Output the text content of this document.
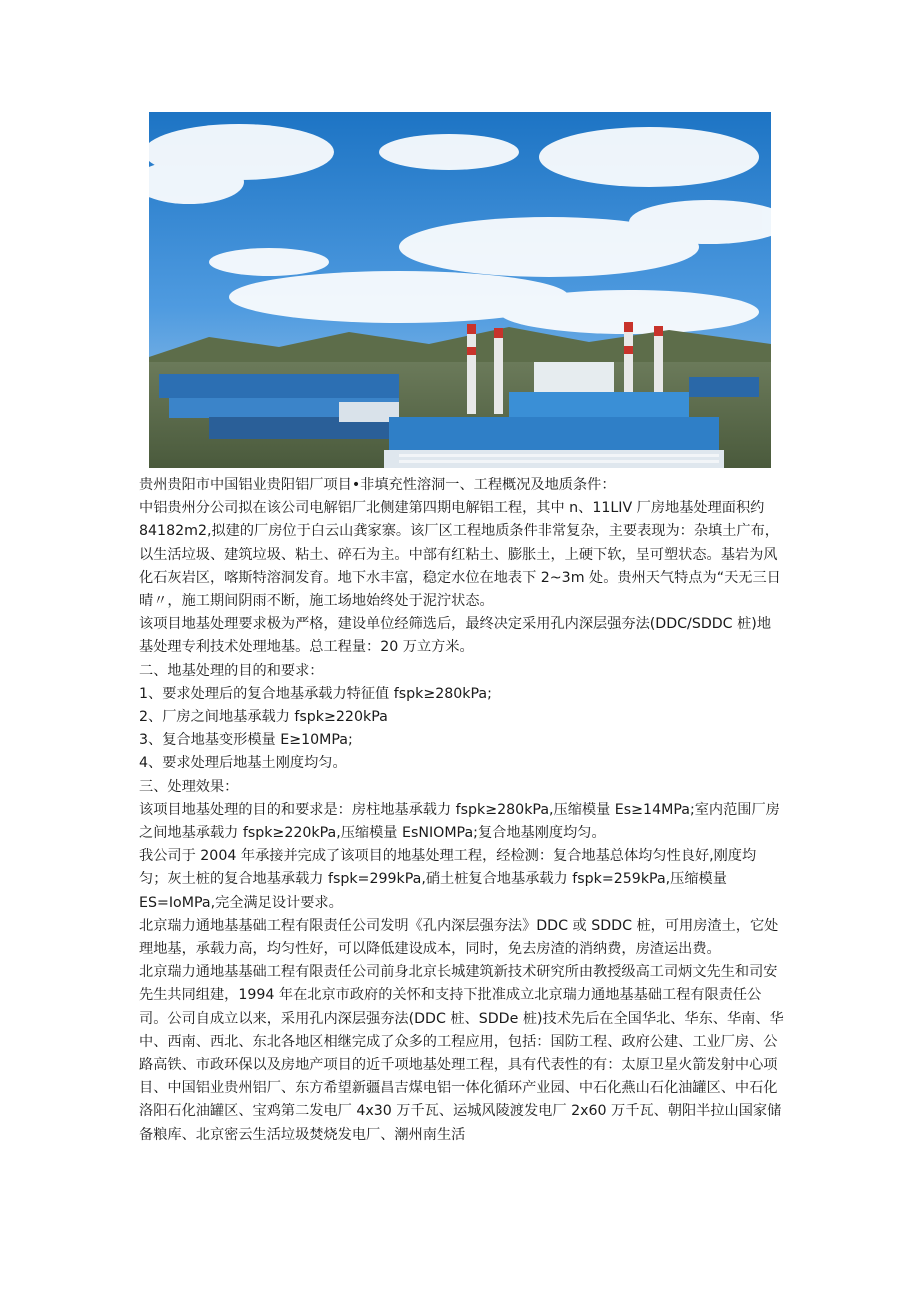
贵州贵阳市中国铝业贵阳铝厂项目•非填充性溶洞一、工程概况及地质条件：

中铝贵州分公司拟在该公司电解铝厂北侧建第四期电解铝工程，其中 n、11LIV 厂房地基处理面积约 84182m2,拟建的厂房位于白云山龚家寨。该厂区工程地质条件非常复杂，主要表现为：杂填土广布，以生活垃圾、建筑垃圾、粘土、碎石为主。中部有红粘土、膨胀土，上硬下软，呈可塑状态。基岩为风化石灰岩区，喀斯特溶洞发育。地下水丰富，稳定水位在地表下 2~3m 处。贵州天气特点为“天无三日晴〃，施工期间阴雨不断，施工场地始终处于泥泞状态。

该项目地基处理要求极为严格，建设单位经筛选后，最终决定采用孔内深层强夯法(DDC/SDDC 桩)地基处理专利技术处理地基。总工程量：20 万立方米。

二、地基处理的目的和要求：

1、要求处理后的复合地基承载力特征值 fspk≥280kPa;

2、厂房之间地基承载力 fspk≥220kPa

3、复合地基变形模量 E≥10MPa;

4、要求处理后地基土刚度均匀。

三、处理效果：

该项目地基处理的目的和要求是：房柱地基承载力 fspk≥280kPa,压缩模量 Es≥14MPa;室内范围厂房之间地基承载力 fspk≥220kPa,压缩模量 EsNIOMPa;复合地基刚度均匀。

我公司于 2004 年承接并完成了该项目的地基处理工程，经检测：复合地基总体均匀性良好,刚度均匀；灰土桩的复合地基承载力 fspk=299kPa,硝土桩复合地基承载力 fspk=259kPa,压缩模量 ES=IoMPa,完全满足设计要求。

北京瑞力通地基基础工程有限责任公司发明《孔内深层强夯法》DDC 或 SDDC 桩，可用房渣土，它处理地基，承载力高，均匀性好，可以降低建设成本，同时，免去房渣的消纳费，房渣运出费。

北京瑞力通地基基础工程有限责任公司前身北京长城建筑新技术研究所由教授级高工司炳文先生和司安先生共同组建，1994 年在北京市政府的关怀和支持下批准成立北京瑞力通地基基础工程有限责任公司。公司自成立以来，采用孔内深层强夯法(DDC 桩、SDDe 桩)技术先后在全国华北、华东、华南、华中、西南、西北、东北各地区相继完成了众多的工程应用，包括：国防工程、政府公建、工业厂房、公路高铁、市政环保以及房地产项目的近千项地基处理工程，具有代表性的有：太原卫星火箭发射中心项目、中国铝业贵州铝厂、东方希望新疆昌吉煤电铝一体化循环产业园、中石化燕山石化油罐区、中石化洛阳石化油罐区、宝鸡第二发电厂 4x30 万千瓦、运城风陵渡发电厂 2x60 万千瓦、朝阳半拉山国家储备粮库、北京密云生活垃圾焚烧发电厂、潮州南生活
